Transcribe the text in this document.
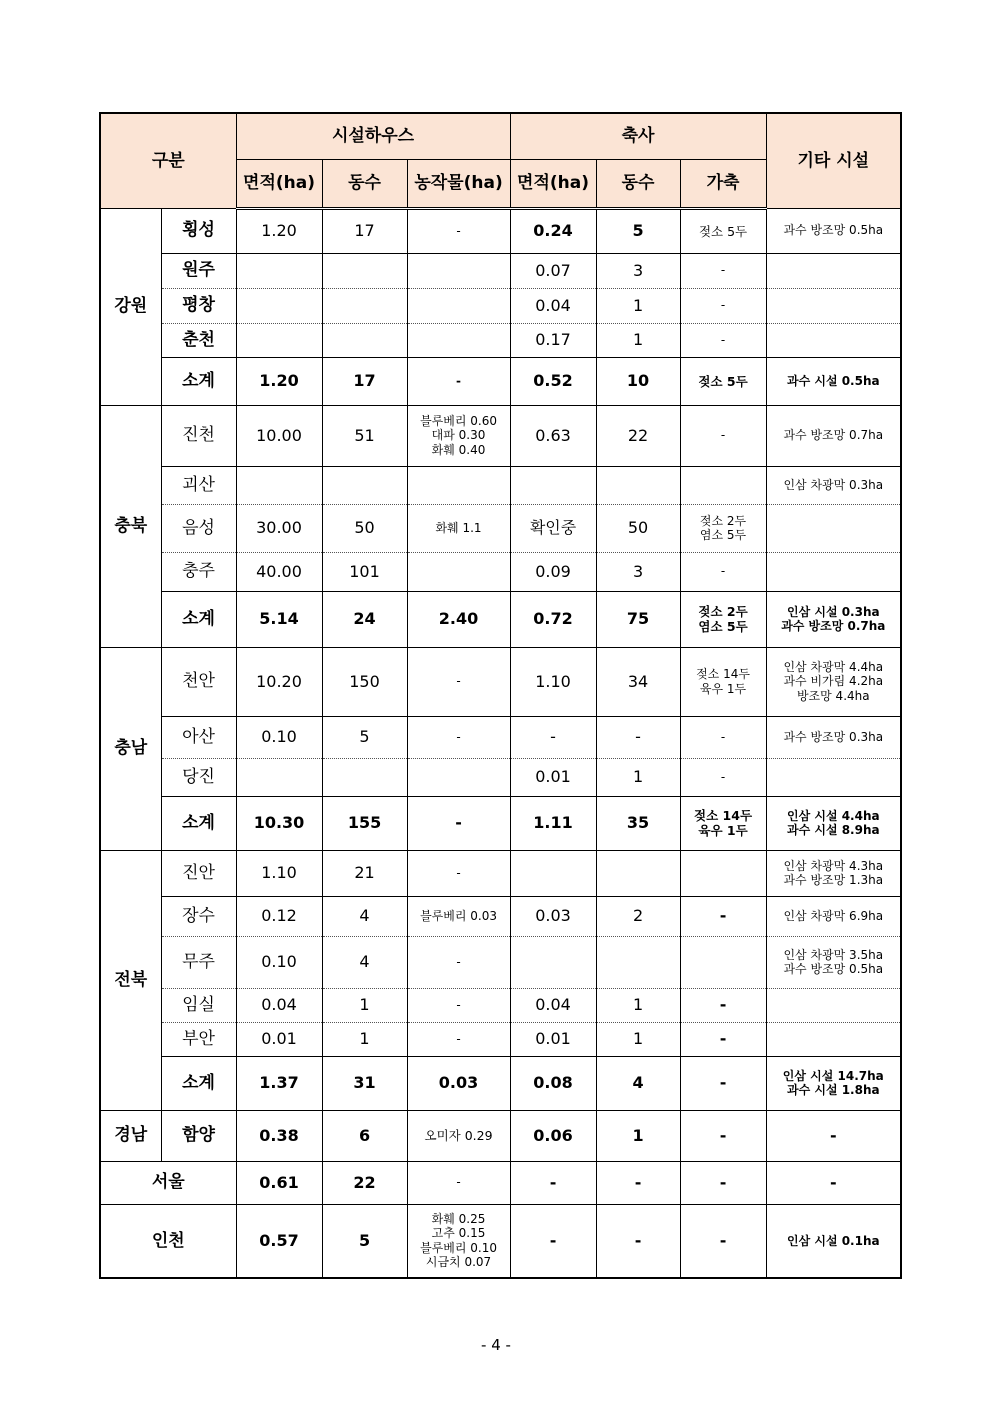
구분		시설하우스			축사			기타 시설
		면적(ha)	동수	농작물(ha)	면적(ha)	동수	가축	
강원	횡성	1.20	17	-	0.24	5	젖소 5두	과수 방조망 0.5ha
	원주				0.07	3	-	
	평창				0.04	1	-	
	춘천				0.17	1	-	
	소계	1.20	17	-	0.52	10	젖소 5두	과수 시설 0.5ha
충북	진천	10.00	51	블루베리 0.60
대파 0.30
화훼 0.40	0.63	22	-	과수 방조망 0.7ha
	괴산							인삼 차광막 0.3ha
	음성	30.00	50	화훼 1.1	확인중	50	젖소 2두
염소 5두	
	충주	40.00	101		0.09	3	-	
	소계	5.14	24	2.40	0.72	75	젖소 2두
염소 5두	인삼 시설 0.3ha
과수 방조망 0.7ha
충남	천안	10.20	150	-	1.10	34	젖소 14두
육우 1두	인삼 차광막 4.4ha
과수 비가림 4.2ha
방조망 4.4ha
	아산	0.10	5	-	-	-	-	과수 방조망 0.3ha
	당진				0.01	1	-	
	소계	10.30	155	-	1.11	35	젖소 14두
육우 1두	인삼 시설 4.4ha
과수 시설 8.9ha
전북	진안	1.10	21	-				인삼 차광막 4.3ha
과수 방조망 1.3ha
	장수	0.12	4	블루베리 0.03	0.03	2	-	인삼 차광막 6.9ha
	무주	0.10	4	-				인삼 차광막 3.5ha
과수 방조망 0.5ha
	임실	0.04	1	-	0.04	1	-	
	부안	0.01	1	-	0.01	1	-	
	소계	1.37	31	0.03	0.08	4	-	인삼 시설 14.7ha
과수 시설 1.8ha
경남	함양	0.38	6	오미자 0.29	0.06	1	-	-
서울		0.61	22	-	-	-	-	-
인천		0.57	5	화훼 0.25
고추 0.15
블루베리 0.10
시금치 0.07	-	-	-	인삼 시설 0.1ha
- 4 -
